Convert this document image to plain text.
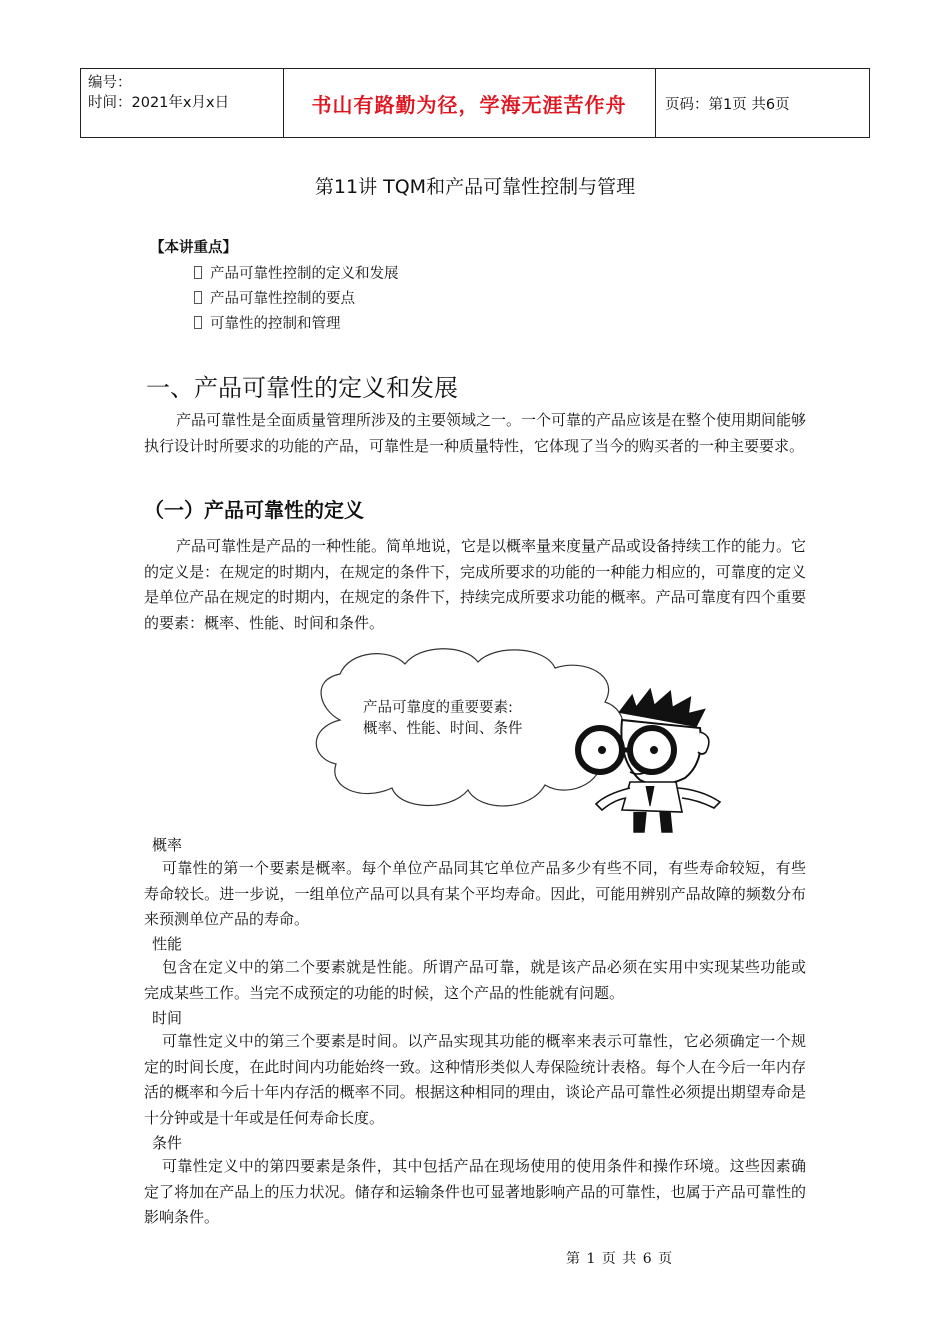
编号：
时间：2021年x月x日	书山有路勤为径，学海无涯苦作舟	页码：第1页 共6页
第11讲 TQM和产品可靠性控制与管理
【本讲重点】
产品可靠性控制的定义和发展
产品可靠性控制的要点
可靠性的控制和管理
一、产品可靠性的定义和发展
产品可靠性是全面质量管理所涉及的主要领域之一。一个可靠的产品应该是在整个使用期间能够执行设计时所要求的功能的产品，可靠性是一种质量特性，它体现了当今的购买者的一种主要要求。
（一）产品可靠性的定义
产品可靠性是产品的一种性能。简单地说，它是以概率量来度量产品或设备持续工作的能力。它的定义是：在规定的时期内，在规定的条件下，完成所要求的功能的一种能力相应的，可靠度的定义是单位产品在规定的时期内，在规定的条件下，持续完成所要求功能的概率。产品可靠度有四个重要的要素：概率、性能、时间和条件。
产品可靠度的重要要素:
概率、性能、时间、条件
概率
可靠性的第一个要素是概率。每个单位产品同其它单位产品多少有些不同，有些寿命较短，有些寿命较长。进一步说，一组单位产品可以具有某个平均寿命。因此，可能用辨别产品故障的频数分布来预测单位产品的寿命。
性能
包含在定义中的第二个要素就是性能。所谓产品可靠，就是该产品必须在实用中实现某些功能或完成某些工作。当完不成预定的功能的时候，这个产品的性能就有问题。
时间
可靠性定义中的第三个要素是时间。以产品实现其功能的概率来表示可靠性，它必须确定一个规定的时间长度，在此时间内功能始终一致。这种情形类似人寿保险统计表格。每个人在今后一年内存活的概率和今后十年内存活的概率不同。根据这种相同的理由，谈论产品可靠性必须提出期望寿命是十分钟或是十年或是任何寿命长度。
条件
可靠性定义中的第四要素是条件，其中包括产品在现场使用的使用条件和操作环境。这些因素确定了将加在产品上的压力状况。储存和运输条件也可显著地影响产品的可靠性，也属于产品可靠性的影响条件。
第 1 页 共 6 页
